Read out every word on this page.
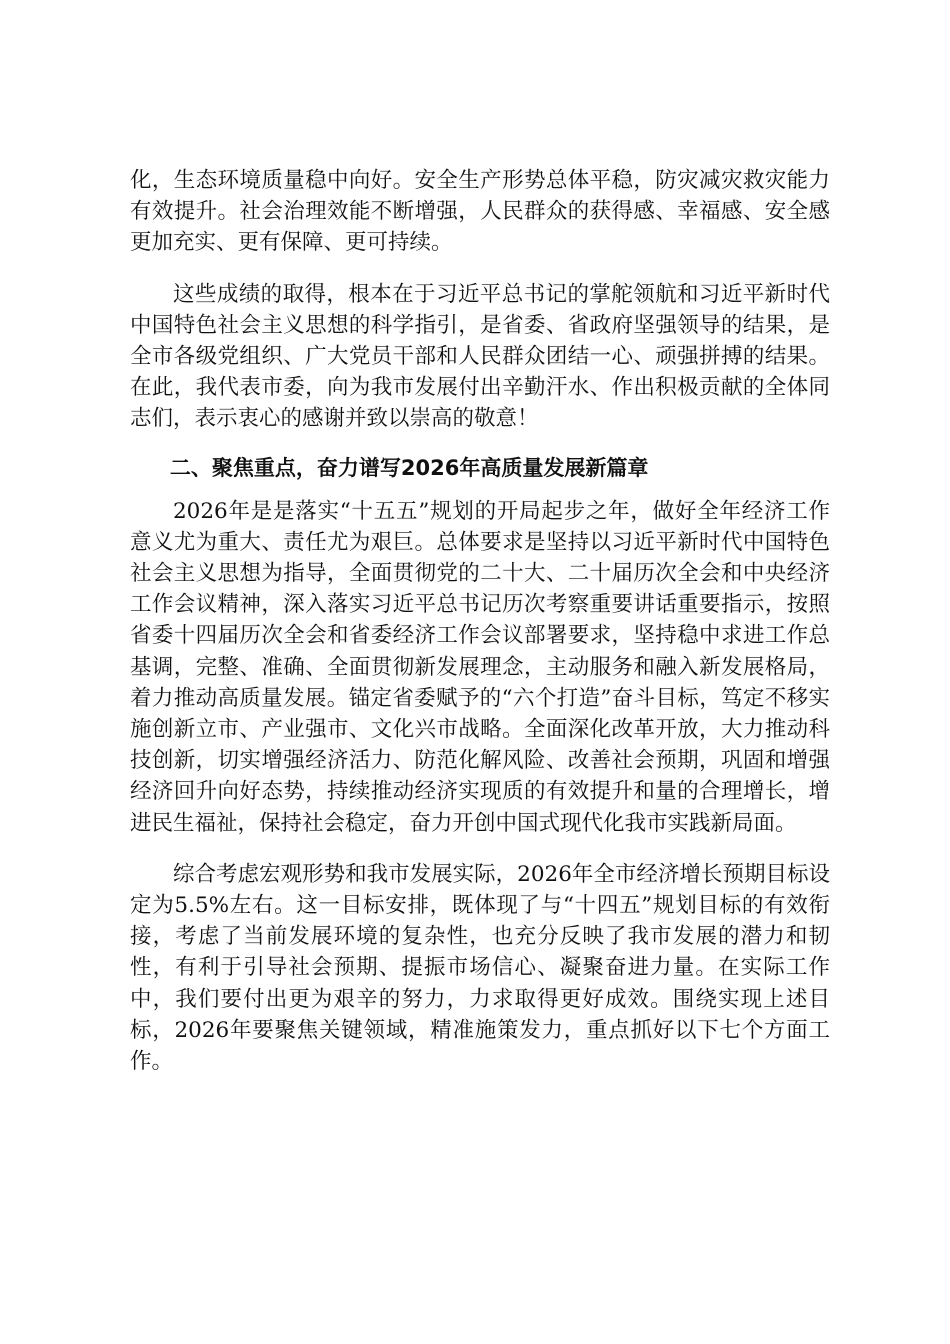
化，生态环境质量稳中向好。安全生产形势总体平稳，防灾减灾救灾能力有效提升。社会治理效能不断增强，人民群众的获得感、幸福感、安全感更加充实、更有保障、更可持续。

这些成绩的取得，根本在于习近平总书记的掌舵领航和习近平新时代中国特色社会主义思想的科学指引，是省委、省政府坚强领导的结果，是全市各级党组织、广大党员干部和人民群众团结一心、顽强拼搏的结果。在此，我代表市委，向为我市发展付出辛勤汗水、作出积极贡献的全体同志们，表示衷心的感谢并致以崇高的敬意！

二、聚焦重点，奋力谱写2026年高质量发展新篇章

2026年是是落实“十五五”规划的开局起步之年，做好全年经济工作意义尤为重大、责任尤为艰巨。总体要求是坚持以习近平新时代中国特色社会主义思想为指导，全面贯彻党的二十大、二十届历次全会和中央经济工作会议精神，深入落实习近平总书记历次考察重要讲话重要指示，按照省委十四届历次全会和省委经济工作会议部署要求，坚持稳中求进工作总基调，完整、准确、全面贯彻新发展理念，主动服务和融入新发展格局，着力推动高质量发展。锚定省委赋予的“六个打造”奋斗目标，笃定不移实施创新立市、产业强市、文化兴市战略。全面深化改革开放，大力推动科技创新，切实增强经济活力、防范化解风险、改善社会预期，巩固和增强经济回升向好态势，持续推动经济实现质的有效提升和量的合理增长，增进民生福祉，保持社会稳定，奋力开创中国式现代化我市实践新局面。

综合考虑宏观形势和我市发展实际，2026年全市经济增长预期目标设定为5.5%左右。这一目标安排，既体现了与“十四五”规划目标的有效衔接，考虑了当前发展环境的复杂性，也充分反映了我市发展的潜力和韧性，有利于引导社会预期、提振市场信心、凝聚奋进力量。在实际工作中，我们要付出更为艰辛的努力，力求取得更好成效。围绕实现上述目标，2026年要聚焦关键领域，精准施策发力，重点抓好以下七个方面工作。
